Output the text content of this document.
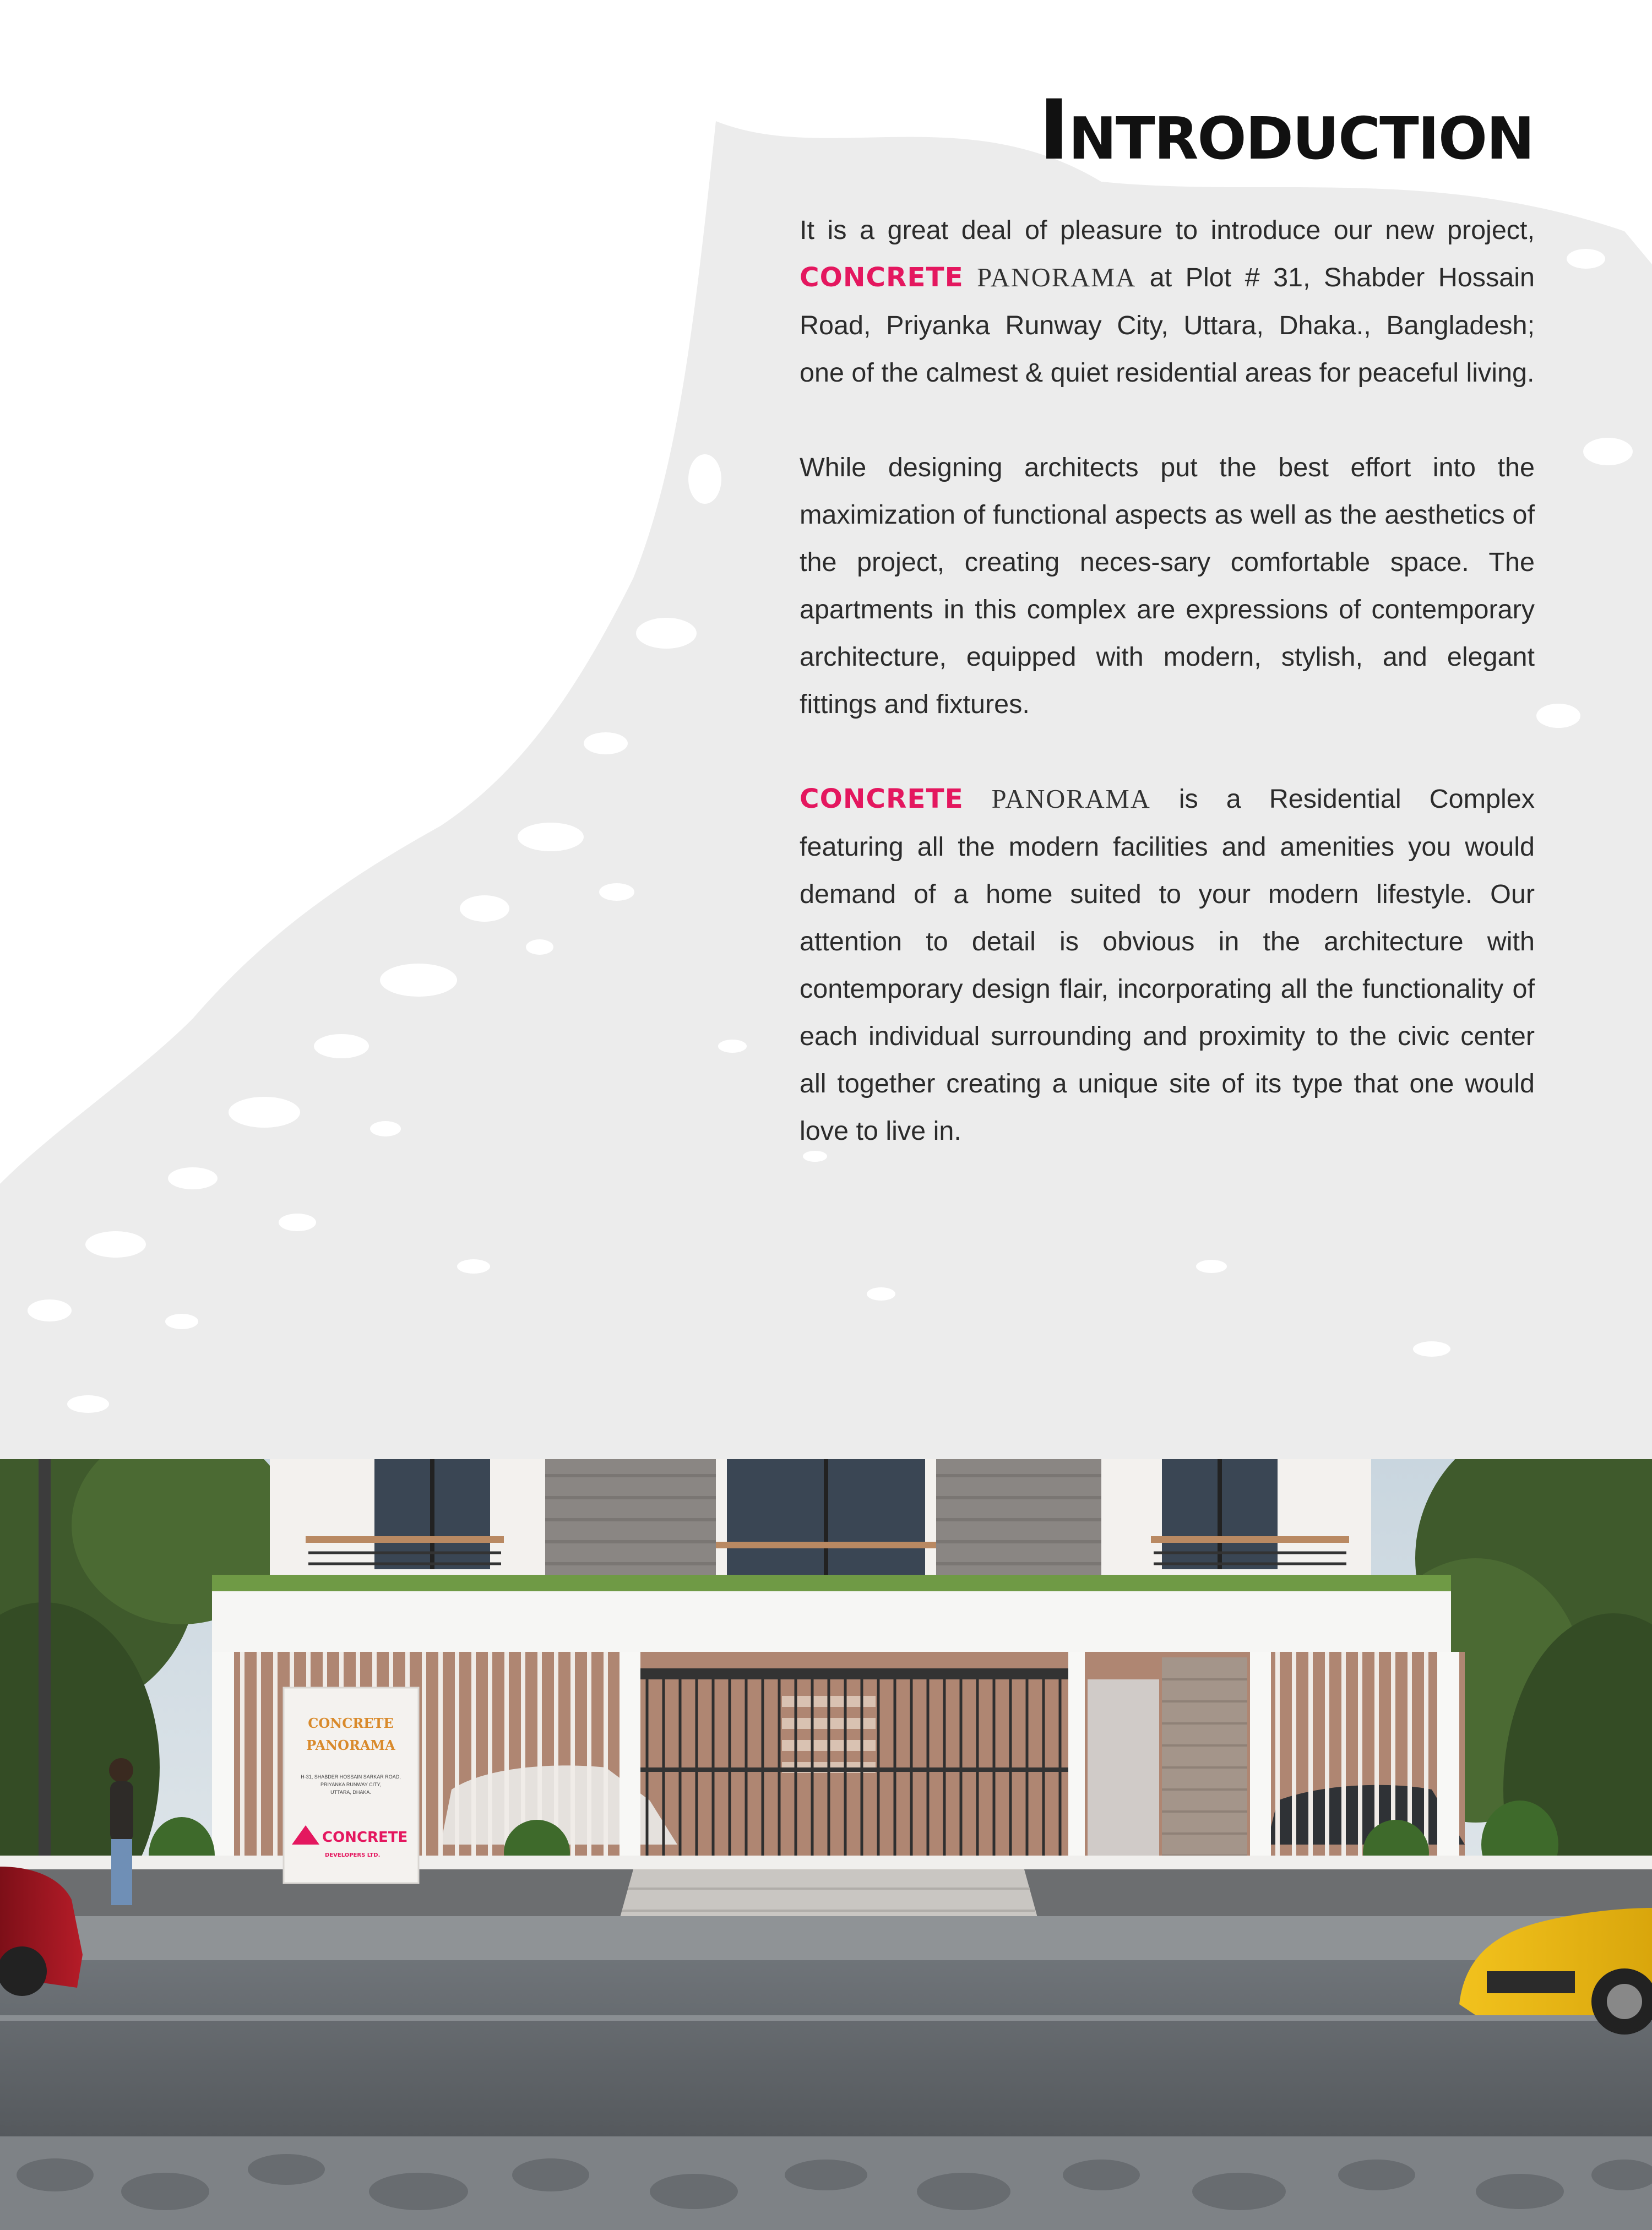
Introduction

It is a great deal of pleasure to introduce our new project, CONCRETE PANORAMA at Plot # 31, Shabder Hossain Road, Priyanka Runway City, Uttara, Dhaka., Bangladesh; one of the calmest & quiet residential areas for peaceful living.

While designing architects put the best effort into the maximization of functional aspects as well as the aesthetics of the project, creating neces-sary comfortable space. The apartments in this complex are expressions of contemporary architecture, equipped with modern, stylish, and elegant fittings and fixtures.

CONCRETE PANORAMA is a Residential Complex featuring all the modern facilities and amenities you would demand of a home suited to your modern lifestyle. Our attention to detail is obvious in the architecture with contemporary design flair, incorporating all the functionality of each individual surrounding and proximity to the civic center all together creating a unique site of its type that one would love to live in.

CONCRETE
PANORAMA
H-31, SHABDER HOSSAIN SARKAR ROAD,
PRIYANKA RUNWAY CITY,
UTTARA, DHAKA.
CONCRETE
DEVELOPERS LTD.
